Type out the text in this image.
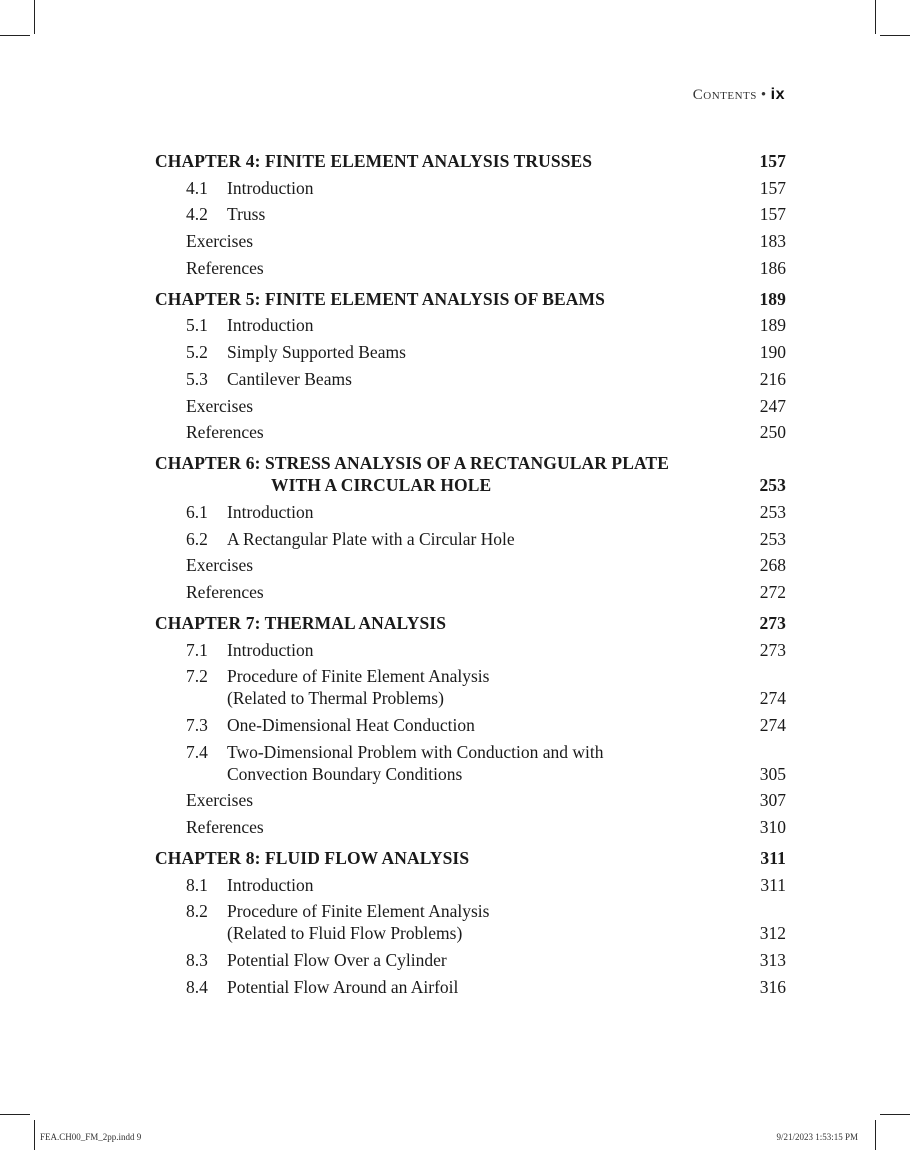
Contents • ix
CHAPTER 4: FINITE ELEMENT ANALYSIS TRUSSES	157
4.1	Introduction	157
4.2	Truss	157
Exercises	183
References	186
CHAPTER 5: FINITE ELEMENT ANALYSIS OF BEAMS	189
5.1	Introduction	189
5.2	Simply Supported Beams	190
5.3	Cantilever Beams	216
Exercises	247
References	250
CHAPTER 6: STRESS ANALYSIS OF A RECTANGULAR PLATE
WITH A CIRCULAR HOLE	253
6.1	Introduction	253
6.2	A Rectangular Plate with a Circular Hole	253
Exercises	268
References	272
CHAPTER 7: THERMAL ANALYSIS	273
7.1	Introduction	273
7.2	Procedure of Finite Element Analysis
(Related to Thermal Problems)	274
7.3	One-Dimensional Heat Conduction	274
7.4	Two-Dimensional Problem with Conduction and with
Convection Boundary Conditions	305
Exercises	307
References	310
CHAPTER 8: FLUID FLOW ANALYSIS	311
8.1	Introduction	311
8.2	Procedure of Finite Element Analysis
(Related to Fluid Flow Problems)	312
8.3	Potential Flow Over a Cylinder	313
8.4	Potential Flow Around an Airfoil	316
FEA.CH00_FM_2pp.indd 9	9/21/2023 1:53:15 PM
